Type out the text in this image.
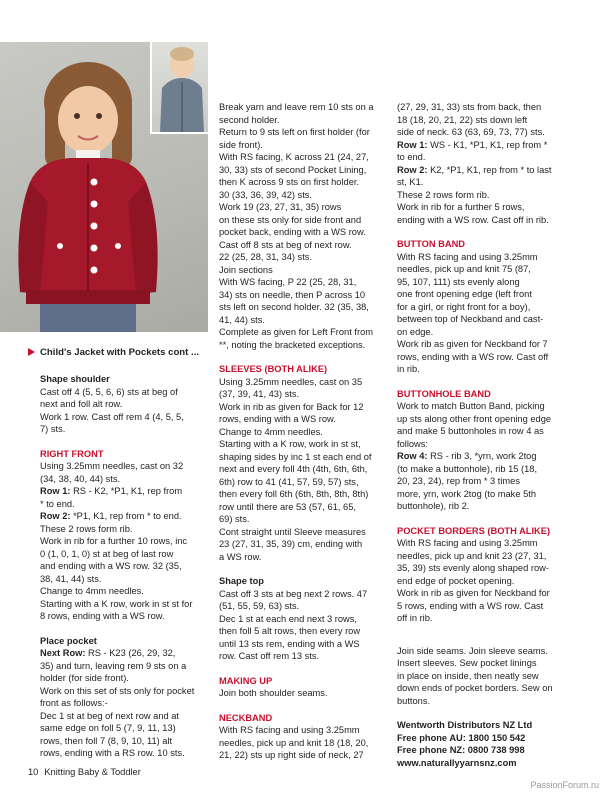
Child's Jacket with Pockets cont ...
Shape shoulder

Cast off 4 (5, 5, 6, 6) sts at beg of
next and foll alt row.
Work 1 row. Cast off rem 4 (4, 5, 5,
7) sts.

RIGHT FRONT

Using 3.25mm needles, cast on 32
(34, 38, 40, 44) sts.
Row 1: RS - K2, *P1, K1, rep from
* to end.
Row 2: *P1, K1, rep from * to end.
These 2 rows form rib.
Work in rib for a further 10 rows, inc
0 (1, 0, 1, 0) st at beg of last row
and ending with a WS row. 32 (35,
38, 41, 44) sts.
Change to 4mm needles.
Starting with a K row, work in st st for
8 rows, ending with a WS row.

Place pocket
Next Row: RS - K23 (26, 29, 32,
35) and turn, leaving rem 9 sts on a
holder (for side front).
Work on this set of sts only for pocket
front as follows:-
Dec 1 st at beg of next row and at
same edge on foll 5 (7, 9, 11, 13)
rows, then foll 7 (8, 9, 10, 11) alt
rows, ending with a RS row. 10 sts.

Break yarn and leave rem 10 sts on a
second holder.
Return to 9 sts left on first holder (for
side front).
With RS facing, K across 21 (24, 27,
30, 33) sts of second Pocket Lining,
then K across 9 sts on first holder.
30 (33, 36, 39, 42) sts.
Work 19 (23, 27, 31, 35) rows
on these sts only for side front and
pocket back, ending with a WS row.
Cast off 8 sts at beg of next row.
22 (25, 28, 31, 34) sts.
Join sections
With WS facing, P 22 (25, 28, 31,
34) sts on needle, then P across 10
sts left on second holder. 32 (35, 38,
41, 44) sts.
Complete as given for Left Front from
**, noting the bracketed exceptions.

SLEEVES (BOTH ALIKE)

Using 3.25mm needles, cast on 35
(37, 39, 41, 43) sts.
Work in rib as given for Back for 12
rows, ending with a WS row.
Change to 4mm needles.
Starting with a K row, work in st st,
shaping sides by inc 1 st each end of
next and every foll 4th (4th, 6th, 6th,
6th) row to 41 (41, 57, 59, 57) sts,
then every foll 6th (6th, 8th, 8th, 8th)
row until there are 53 (57, 61, 65,
69) sts.
Cont straight until Sleeve measures
23 (27, 31, 35, 39) cm, ending with
a WS row.

Shape top

Cast off 3 sts at beg next 2 rows. 47
(51, 55, 59, 63) sts.
Dec 1 st at each end next 3 rows,
then foll 5 alt rows, then every row
until 13 sts rem, ending with a WS
row. Cast off rem 13 sts.

MAKING UP

Join both shoulder seams.

NECKBAND

With RS facing and using 3.25mm
needles, pick up and knit 18 (18, 20,
21, 22) sts up right side of neck, 27

(27, 29, 31, 33) sts from back, then
18 (18, 20, 21, 22) sts down left
side of neck. 63 (63, 69, 73, 77) sts.
Row 1: WS - K1, *P1, K1, rep from *
to end.
Row 2: K2, *P1, K1, rep from * to last
st, K1.
These 2 rows form rib.
Work in rib for a further 5 rows,
ending with a WS row. Cast off in rib.

BUTTON BAND

With RS facing and using 3.25mm
needles, pick up and knit 75 (87,
95, 107, 111) sts evenly along
one front opening edge (left front
for a girl, or right front for a boy),
between top of Neckband and cast-
on edge.
Work rib as given for Neckband for 7
rows, ending with a WS row. Cast off
in rib.

BUTTONHOLE BAND

Work to match Button Band, picking
up sts along other front opening edge
and make 5 buttonholes in row 4 as
follows:
Row 4: RS - rib 3, *yrn, work 2tog
(to make a buttonhole), rib 15 (18,
20, 23, 24), rep from * 3 times
more, yrn, work 2tog (to make 5th
buttonhole), rib 2.

POCKET BORDERS (BOTH ALIKE)

With RS facing and using 3.25mm
needles, pick up and knit 23 (27, 31,
35, 39) sts evenly along shaped row-
end edge of pocket opening.
Work in rib as given for Neckband for
5 rows, ending with a WS row. Cast
off in rib.

Join side seams. Join sleeve seams.
Insert sleeves. Sew pocket linings
in place on inside, then neatly sew
down ends of pocket borders. Sew on
buttons.

Wentworth Distributors NZ Ltd
Free phone AU: 1800 150 542
Free phone NZ: 0800 738 998
www.naturallyyarnsnz.com

10 Knitting Baby & Toddler
PassionForum.ru
